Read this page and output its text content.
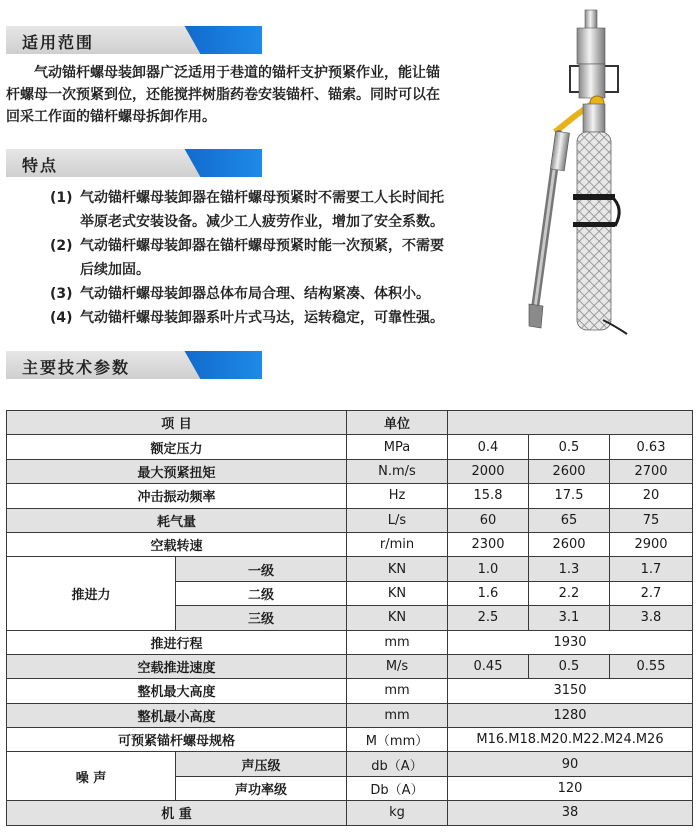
适用范围
　　气动锚杆螺母装卸器广泛适用于巷道的锚杆支护预紧作业，能让锚
杆螺母一次预紧到位，还能搅拌树脂药卷安装锚杆、锚索。同时可以在
回采工作面的锚杆螺母拆卸作用。
特点
(1) 气动锚杆螺母装卸器在锚杆螺母预紧时不需要工人长时间托
举原老式安装设备。减少工人疲劳作业，增加了安全系数。
(2) 气动锚杆螺母装卸器在锚杆螺母预紧时能一次预紧，不需要
后续加固。
(3) 气动锚杆螺母装卸器总体布局合理、结构紧凑、体积小。
(4) 气动锚杆螺母装卸器系叶片式马达，运转稳定，可靠性强。
主要技术参数
项 目		单位			
额定压力		MPa	0.4	0.5	0.63
最大预紧扭矩		N.m/s	2000	2600	2700
冲击振动频率		Hz	15.8	17.5	20
耗气量		L/s	60	65	75
空载转速		r/min	2300	2600	2900
推进力	一级	KN	1.0	1.3	1.7
	二级	KN	1.6	2.2	2.7
	三级	KN	2.5	3.1	3.8
推进行程		mm	1930		
空载推进速度		M/s	0.45	0.5	0.55
整机最大高度		mm	3150		
整机最小高度		mm	1280		
可预紧锚杆螺母规格		M（mm）	M16.M18.M20.M22.M24.M26		
噪 声	声压级	db（A）	90		
	声功率级	Db（A）	120		
机 重		kg	38		
